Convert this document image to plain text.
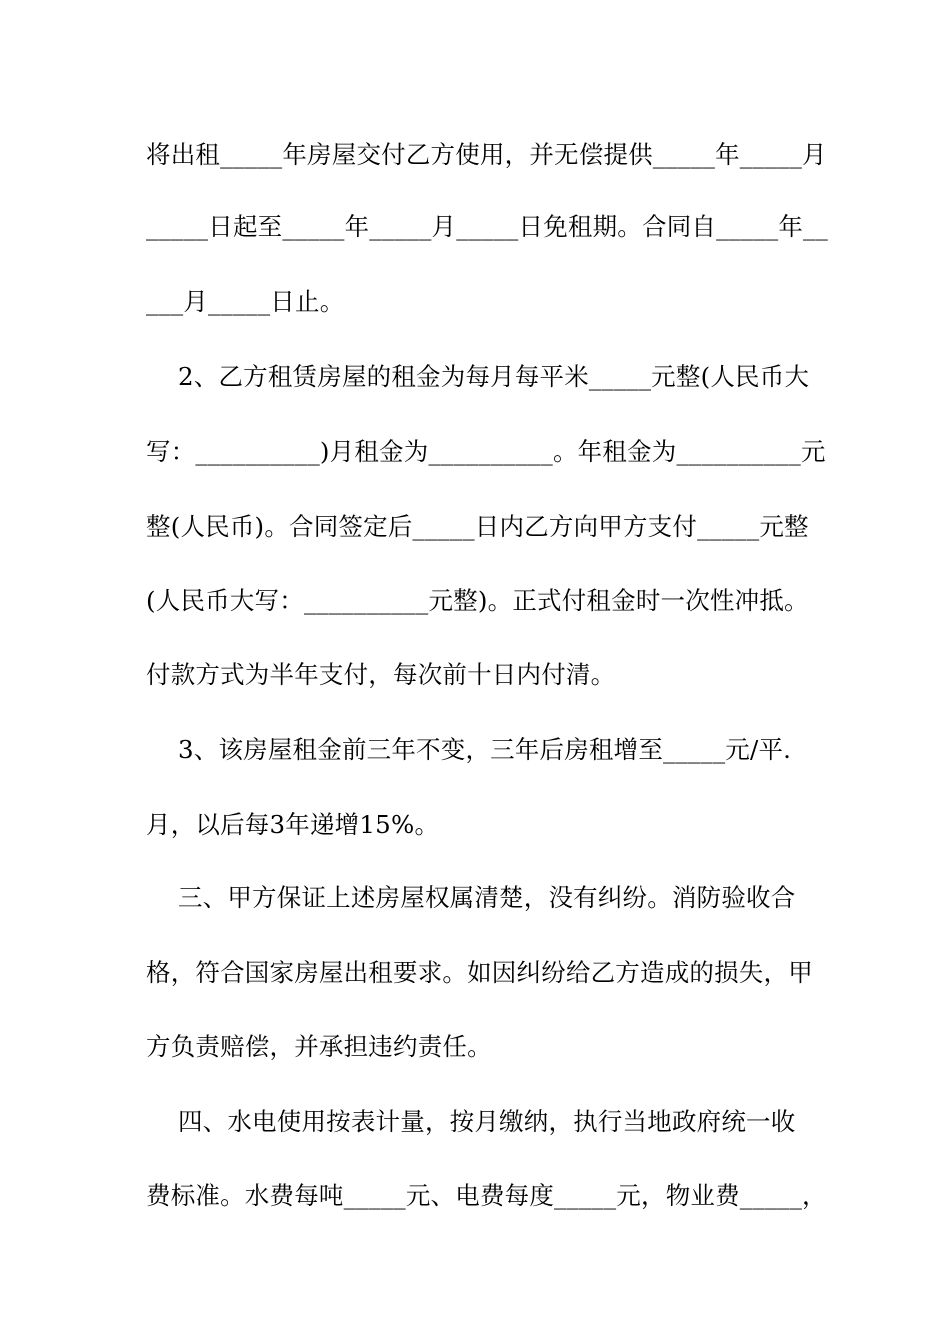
将出租_____年房屋交付乙方使用，并无偿提供_____年_____月
_____日起至_____年_____月_____日免租期。合同自_____年__
___月_____日止。
2、乙方租赁房屋的租金为每月每平米_____元整(人民币大
写：__________)月租金为__________。年租金为__________元
整(人民币)。合同签定后_____日内乙方向甲方支付_____元整
(人民币大写：__________元整)。正式付租金时一次性冲抵。
付款方式为半年支付，每次前十日内付清。
3、该房屋租金前三年不变，三年后房租增至_____元/平.
月，以后每3年递增15%。
三、甲方保证上述房屋权属清楚，没有纠纷。消防验收合
格，符合国家房屋出租要求。如因纠纷给乙方造成的损失，甲
方负责赔偿，并承担违约责任。
四、水电使用按表计量，按月缴纳，执行当地政府统一收
费标准。水费每吨_____元、电费每度_____元，物业费_____，
